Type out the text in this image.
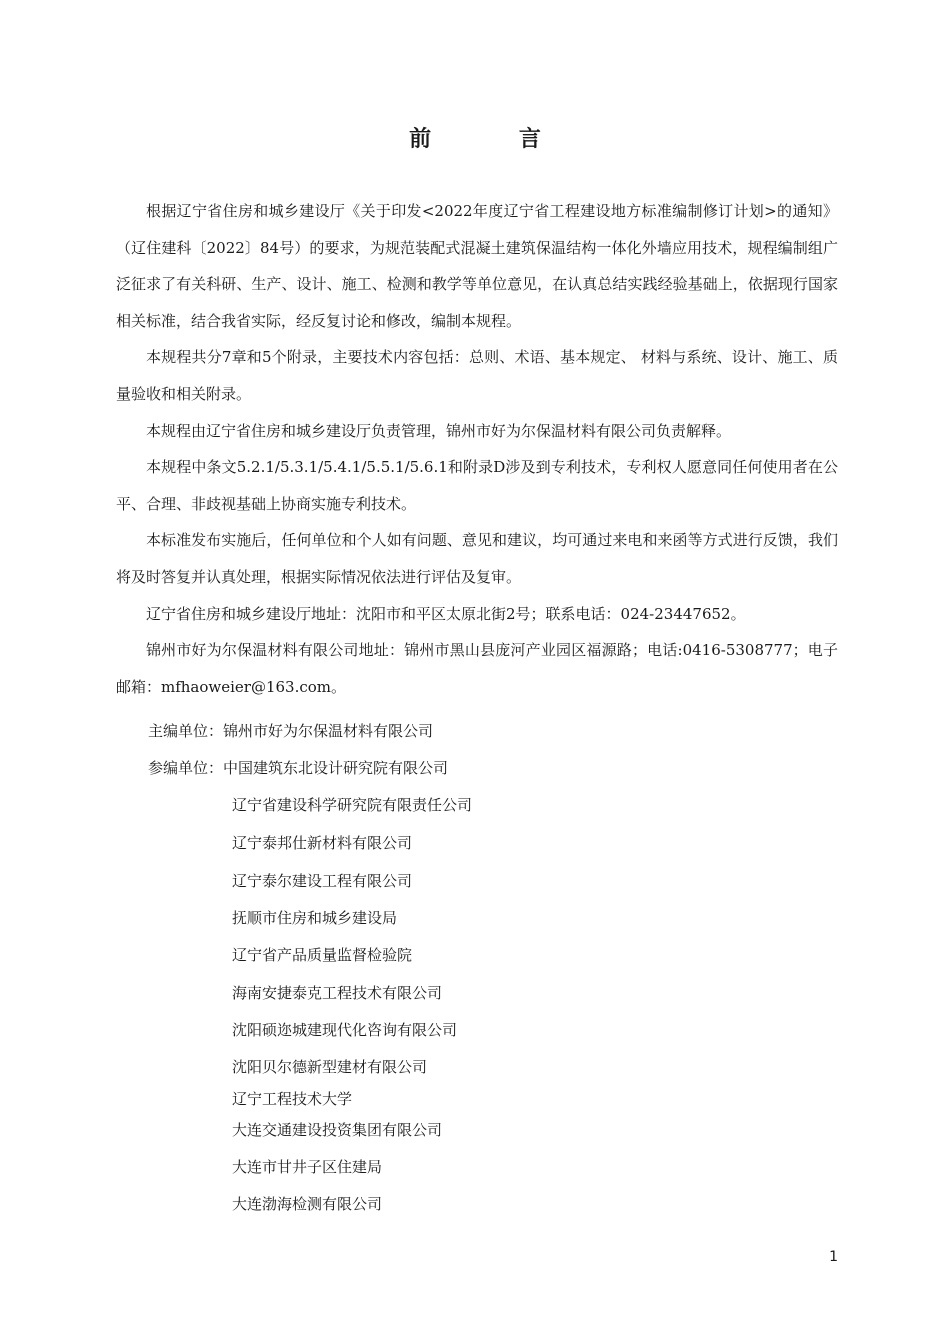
前 言

根据辽宁省住房和城乡建设厅《关于印发<2022年度辽宁省工程建设地方标准编制修订计划>的通知》（辽住建科〔2022〕84号）的要求，为规范装配式混凝土建筑保温结构一体化外墙应用技术，规程编制组广泛征求了有关科研、生产、设计、施工、检测和教学等单位意见，在认真总结实践经验基础上，依据现行国家相关标准，结合我省实际，经反复讨论和修改，编制本规程。

本规程共分7章和5个附录，主要技术内容包括：总则、术语、基本规定、 材料与系统、设计、施工、质量验收和相关附录。

本规程由辽宁省住房和城乡建设厅负责管理，锦州市好为尔保温材料有限公司负责解释。

本规程中条文5.2.1/5.3.1/5.4.1/5.5.1/5.6.1和附录D涉及到专利技术，专利权人愿意同任何使用者在公平、合理、非歧视基础上协商实施专利技术。

本标准发布实施后，任何单位和个人如有问题、意见和建议，均可通过来电和来函等方式进行反馈，我们将及时答复并认真处理，根据实际情况依法进行评估及复审。

辽宁省住房和城乡建设厅地址：沈阳市和平区太原北街2号；联系电话：024-23447652。

锦州市好为尔保温材料有限公司地址：锦州市黑山县庞河产业园区福源路；电话:0416-5308777；电子邮箱：mfhaoweier@163.com。

主编单位：锦州市好为尔保温材料有限公司
参编单位：中国建筑东北设计研究院有限公司
辽宁省建设科学研究院有限责任公司
辽宁泰邦仕新材料有限公司
辽宁泰尔建设工程有限公司
抚顺市住房和城乡建设局
辽宁省产品质量监督检验院
海南安捷泰克工程技术有限公司
沈阳硕迩城建现代化咨询有限公司
沈阳贝尔德新型建材有限公司
辽宁工程技术大学
大连交通建设投资集团有限公司
大连市甘井子区住建局
大连渤海检测有限公司
1
